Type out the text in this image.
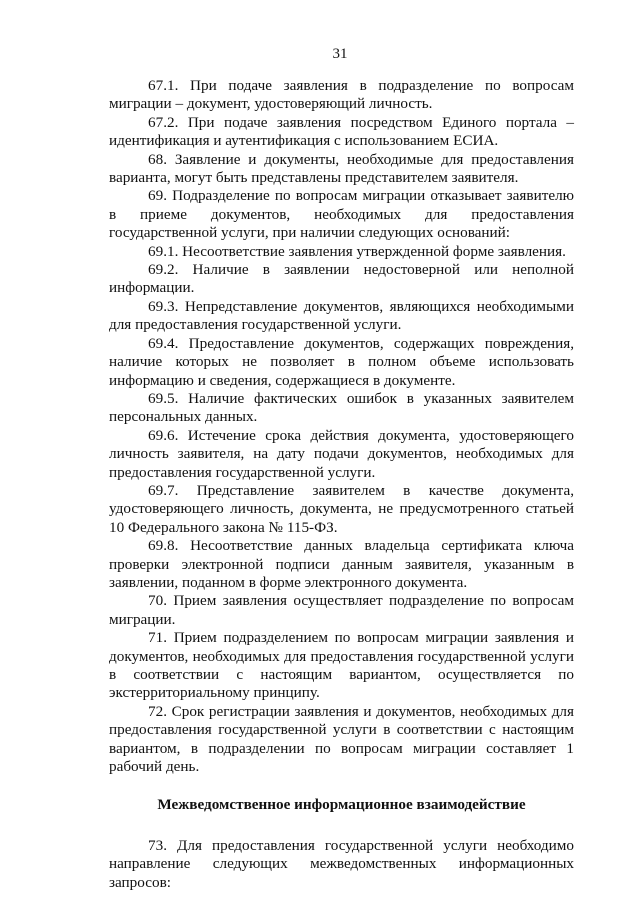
31

67.1. При подаче заявления в подразделение по вопросам миграции – документ, удостоверяющий личность.

67.2. При подаче заявления посредством Единого портала – идентификация и аутентификация с использованием ЕСИА.

68. Заявление и документы, необходимые для предоставления варианта, могут быть представлены представителем заявителя.

69. Подразделение по вопросам миграции отказывает заявителю в приеме документов, необходимых для предоставления государственной услуги, при наличии следующих оснований:

69.1. Несоответствие заявления утвержденной форме заявления.

69.2. Наличие в заявлении недостоверной или неполной информации.

69.3. Непредставление документов, являющихся необходимыми для предоставления государственной услуги.

69.4. Предоставление документов, содержащих повреждения, наличие которых не позволяет в полном объеме использовать информацию и сведения, содержащиеся в документе.

69.5. Наличие фактических ошибок в указанных заявителем персональных данных.

69.6. Истечение срока действия документа, удостоверяющего личность заявителя, на дату подачи документов, необходимых для предоставления государственной услуги.

69.7. Представление заявителем в качестве документа, удостоверяющего личность, документа, не предусмотренного статьей 10 Федерального закона № 115-ФЗ.

69.8. Несоответствие данных владельца сертификата ключа проверки электронной подписи данным заявителя, указанным в заявлении, поданном в форме электронного документа.

70. Прием заявления осуществляет подразделение по вопросам миграции.

71. Прием подразделением по вопросам миграции заявления и документов, необходимых для предоставления государственной услуги в соответствии с настоящим вариантом, осуществляется по экстерриториальному принципу.

72. Срок регистрации заявления и документов, необходимых для предоставления государственной услуги в соответствии с настоящим вариантом, в подразделении по вопросам миграции составляет 1 рабочий день.

Межведомственное информационное взаимодействие

73. Для предоставления государственной услуги необходимо направление следующих межведомственных информационных запросов:
